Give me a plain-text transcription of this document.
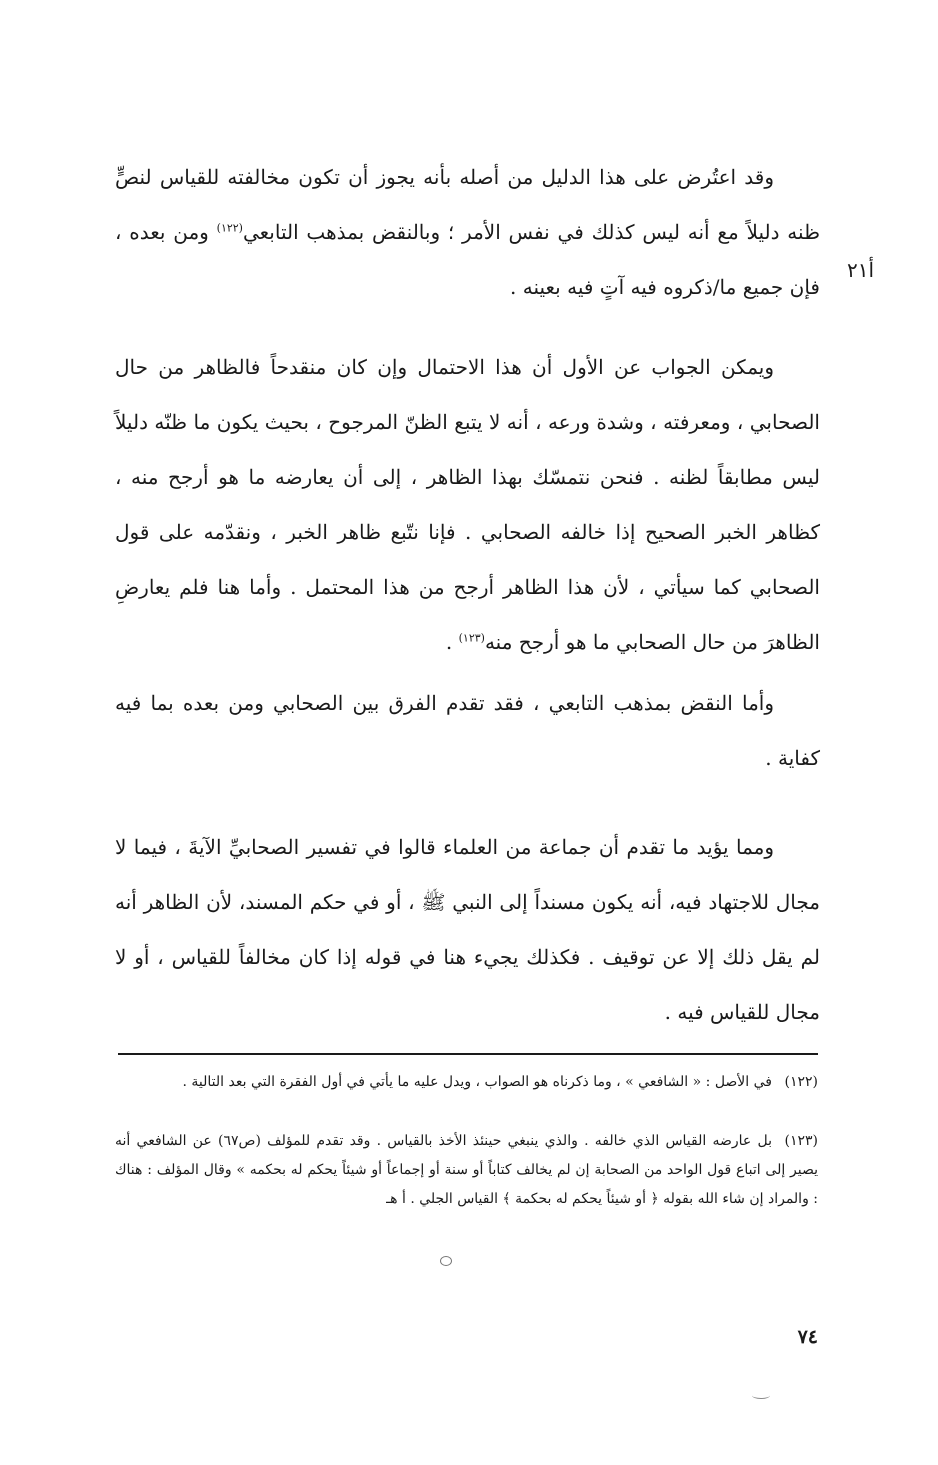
أ٢١

وقد اعتُرض على هذا الدليل من أصله بأنه يجوز أن تكون مخالفته للقياس لنصٍّ ظنه دليلاً مع أنه ليس كذلك في نفس الأمر ؛ وبالنقض بمذهب التابعي$^{(١٢٢)}$ ومن بعده ، فإن جميع ما/ذكروه فيه آتٍ فيه بعينه .

ويمكن الجواب عن الأول أن هذا الاحتمال وإن كان منقدحاً فالظاهر من حال الصحابي ، ومعرفته ، وشدة ورعه ، أنه لا يتبع الظنّ المرجوح ، بحيث يكون ما ظنّه دليلاً ليس مطابقاً لظنه . فنحن نتمسّك بهذا الظاهر ، إلى أن يعارضه ما هو أرجح منه ، كظاهر الخبر الصحيح إذا خالفه الصحابي . فإنا نتّبع ظاهر الخبر ، ونقدّمه على قول الصحابي كما سيأتي ، لأن هذا الظاهر أرجح من هذا المحتمل . وأما هنا فلم يعارضِ الظاهرَ من حال الصحابي ما هو أرجح منه$^{(١٢٣)}$ .

وأما النقض بمذهب التابعي ، فقد تقدم الفرق بين الصحابي ومن بعده بما فيه كفاية .

ومما يؤيد ما تقدم أن جماعة من العلماء قالوا في تفسير الصحابيِّ الآيةَ ، فيما لا مجال للاجتهاد فيه، أنه يكون مسنداً إلى النبي ﷺ ، أو في حكم المسند، لأن الظاهر أنه لم يقل ذلك إلا عن توقيف . فكذلك يجيء هنا في قوله إذا كان مخالفاً للقياس ، أو لا مجال للقياس فيه .

(١٢٢)في الأصل : « الشافعي » ، وما ذكرناه هو الصواب ، ويدل عليه ما يأتي في أول الفقرة التي بعد التالية .

(١٢٣)بل عارضه القياس الذي خالفه . والذي ينبغي حينئذ الأخذ بالقياس . وقد تقدم للمؤلف (ص٦٧) عن الشافعي أنه يصير إلى اتباع قول الواحد من الصحابة إن لم يخالف كتاباً أو سنة أو إجماعاً أو شيئاً يحكم له بحكمه » وقال المؤلف : هناك : والمراد إن شاء الله بقوله ﴿ أو شيئاً يحكم له بحكمة ﴾ القياس الجلي . أ هـ

٧٤
